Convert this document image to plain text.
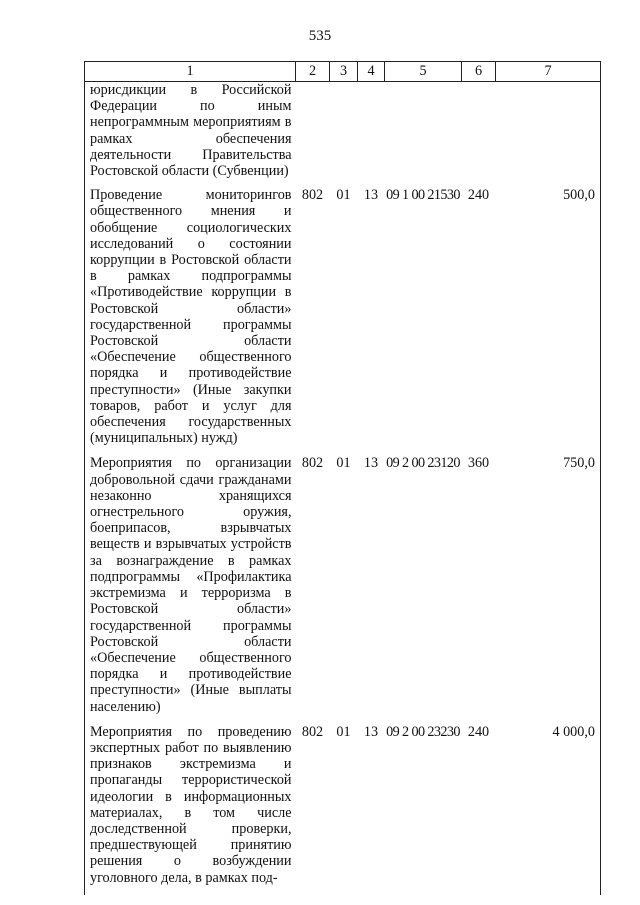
535
1	2	3	4	5	6	7
юрисдикции в Российской Федерации по иным непрограммным мероприятиям в рамках обеспечения деятельности Правительства Ростовской области (Субвенции)						
Проведение мониторингов общественного мнения и обобщение социологических исследований о состоянии коррупции в Ростовской области в рамках подпрограммы «Противодействие коррупции в Ростовской области» государственной программы Ростовской области «Обеспечение общественного порядка и противодействие преступности» (Иные закупки товаров, работ и услуг для обеспечения государственных (муниципальных) нужд)	802	01	13	09 1 00 21530	240	500,0
Мероприятия по организации добровольной сдачи гражданами незаконно хранящихся огнестрельного оружия, боеприпасов, взрывчатых веществ и взрывчатых устройств за вознаграждение в рамках подпрограммы «Профилактика экстремизма и терроризма в Ростовской области» государственной программы Ростовской области «Обеспечение общественного порядка и противодействие преступности» (Иные выплаты населению)	802	01	13	09 2 00 23120	360	750,0
Мероприятия по проведению экспертных работ по выявлению признаков экстремизма и пропаганды террористической идеологии в информационных материалах, в том числе доследственной проверки, предшествующей принятию решения о возбуждении уголовного дела, в рамках под-	802	01	13	09 2 00 23230	240	4 000,0
